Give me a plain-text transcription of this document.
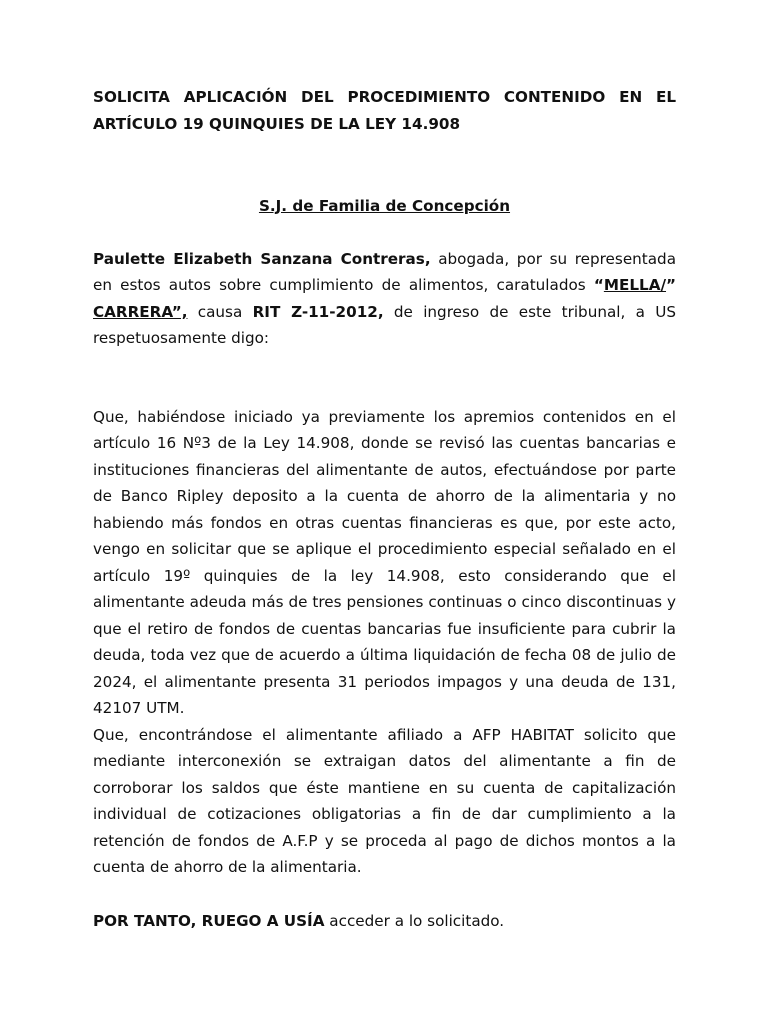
SOLICITA APLICACIÓN DEL PROCEDIMIENTO CONTENIDO EN EL ARTÍCULO 19 QUINQUIES DE LA LEY 14.908
S.J. de Familia de Concepción

Paulette Elizabeth Sanzana Contreras, abogada, por su representada en estos autos sobre cumplimiento de alimentos, caratulados “MELLA/” CARRERA”, causa RIT Z-11-2012, de ingreso de este tribunal, a US respetuosamente digo:

Que, habiéndose iniciado ya previamente los apremios contenidos en el artículo 16 Nº3 de la Ley 14.908, donde se revisó las cuentas bancarias e instituciones financieras del alimentante de autos, efectuándose por parte de Banco Ripley deposito a la cuenta de ahorro de la alimentaria y no habiendo más fondos en otras cuentas financieras es que, por este acto, vengo en solicitar que se aplique el procedimiento especial señalado en el artículo 19º quinquies de la ley 14.908, esto considerando que el alimentante adeuda más de tres pensiones continuas o cinco discontinuas y que el retiro de fondos de cuentas bancarias fue insuficiente para cubrir la deuda, toda vez que de acuerdo a última liquidación de fecha 08 de julio de 2024, el alimentante presenta 31 periodos impagos y una deuda de 131, 42107 UTM.

Que, encontrándose el alimentante afiliado a AFP HABITAT solicito que mediante interconexión se extraigan datos del alimentante a fin de corroborar los saldos que éste mantiene en su cuenta de capitalización individual de cotizaciones obligatorias a fin de dar cumplimiento a la retención de fondos de A.F.P y se proceda al pago de dichos montos a la cuenta de ahorro de la alimentaria.

POR TANTO, RUEGO A USÍA acceder a lo solicitado.
